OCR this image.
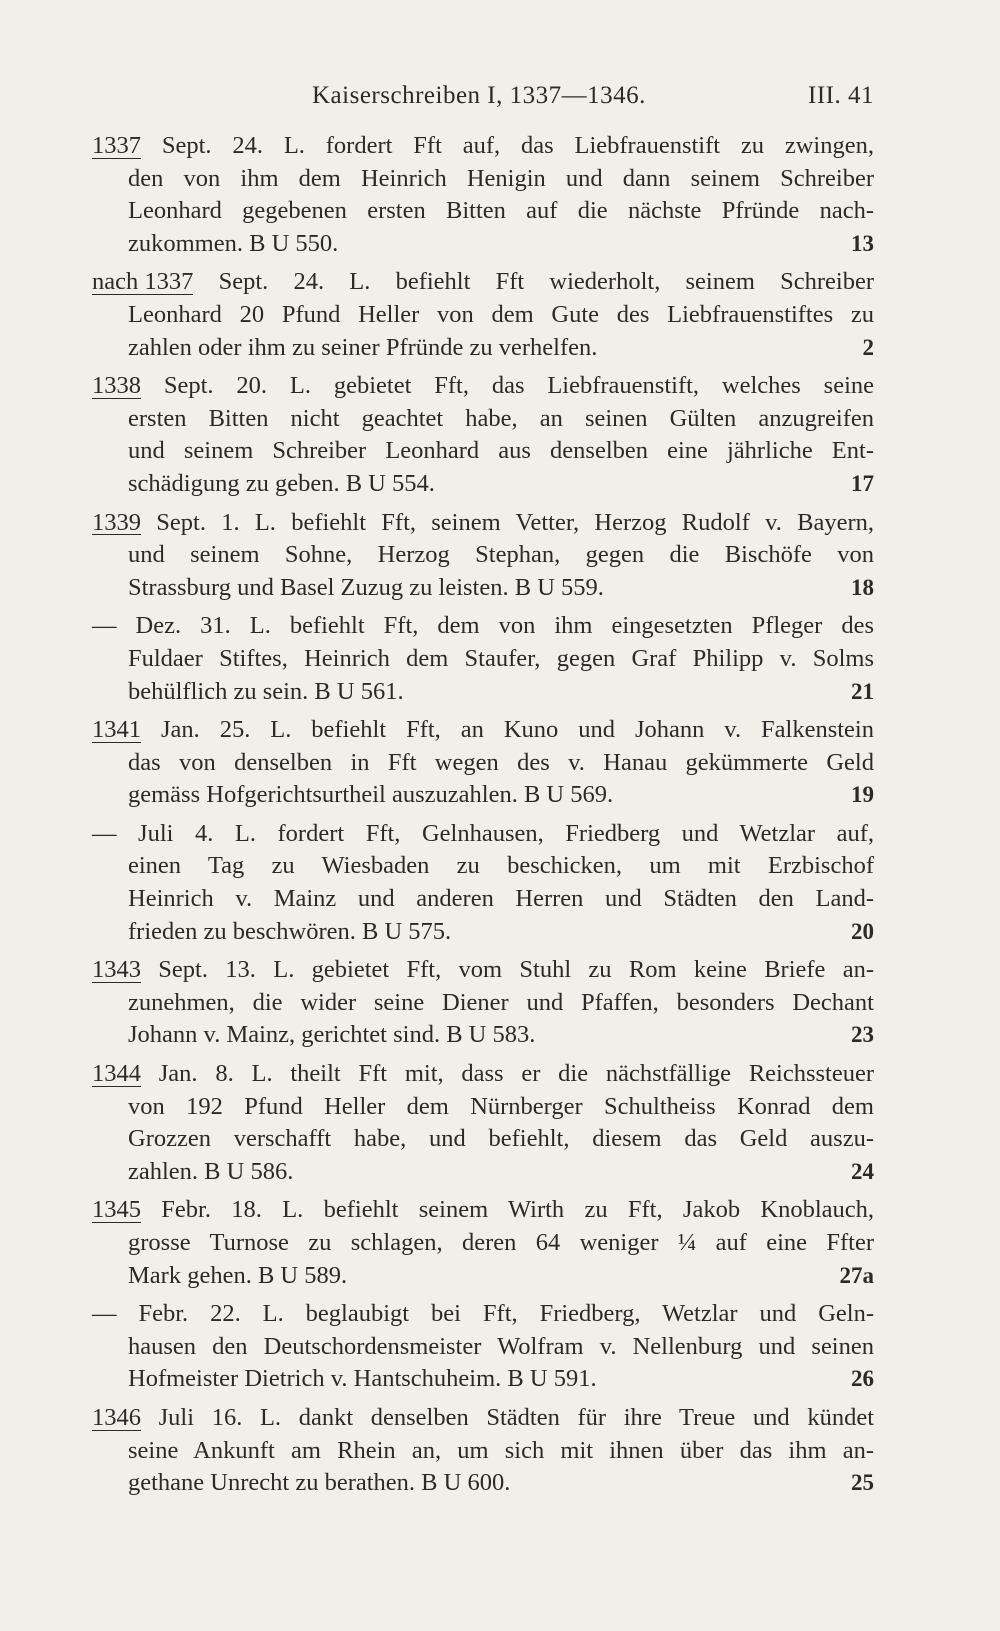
Kaiserschreiben I, 1337—1346.	III. 41
1337 Sept. 24. L. fordert Fft auf, das Liebfrauenstift zu zwingen,
den von ihm dem Heinrich Henigin und dann seinem Schreiber
Leonhard gegebenen ersten Bitten auf die nächste Pfründe nach-
zukommen. B U 550.	13
nach 1337 Sept. 24. L. befiehlt Fft wiederholt, seinem Schreiber
Leonhard 20 Pfund Heller von dem Gute des Liebfrauenstiftes zu
zahlen oder ihm zu seiner Pfründe zu verhelfen.	2
1338 Sept. 20. L. gebietet Fft, das Liebfrauenstift, welches seine
ersten Bitten nicht geachtet habe, an seinen Gülten anzugreifen
und seinem Schreiber Leonhard aus denselben eine jährliche Ent-
schädigung zu geben. B U 554.	17
1339 Sept. 1. L. befiehlt Fft, seinem Vetter, Herzog Rudolf v. Bayern,
und seinem Sohne, Herzog Stephan, gegen die Bischöfe von
Strassburg und Basel Zuzug zu leisten. B U 559.	18
— Dez. 31. L. befiehlt Fft, dem von ihm eingesetzten Pfleger des
Fuldaer Stiftes, Heinrich dem Staufer, gegen Graf Philipp v. Solms
behülflich zu sein. B U 561.	21
1341 Jan. 25. L. befiehlt Fft, an Kuno und Johann v. Falkenstein
das von denselben in Fft wegen des v. Hanau gekümmerte Geld
gemäss Hofgerichtsurtheil auszuzahlen. B U 569.	19
— Juli 4. L. fordert Fft, Gelnhausen, Friedberg und Wetzlar auf,
einen Tag zu Wiesbaden zu beschicken, um mit Erzbischof
Heinrich v. Mainz und anderen Herren und Städten den Land-
frieden zu beschwören. B U 575.	20
1343 Sept. 13. L. gebietet Fft, vom Stuhl zu Rom keine Briefe an-
zunehmen, die wider seine Diener und Pfaffen, besonders Dechant
Johann v. Mainz, gerichtet sind. B U 583.	23
1344 Jan. 8. L. theilt Fft mit, dass er die nächstfällige Reichssteuer
von 192 Pfund Heller dem Nürnberger Schultheiss Konrad dem
Grozzen verschafft habe, und befiehlt, diesem das Geld auszu-
zahlen. B U 586.	24
1345 Febr. 18. L. befiehlt seinem Wirth zu Fft, Jakob Knoblauch,
grosse Turnose zu schlagen, deren 64 weniger ¼ auf eine Ffter
Mark gehen. B U 589.	27a
— Febr. 22. L. beglaubigt bei Fft, Friedberg, Wetzlar und Geln-
hausen den Deutschordensmeister Wolfram v. Nellenburg und seinen
Hofmeister Dietrich v. Hantschuheim. B U 591.	26
1346 Juli 16. L. dankt denselben Städten für ihre Treue und kündet
seine Ankunft am Rhein an, um sich mit ihnen über das ihm an-
gethane Unrecht zu berathen. B U 600.	25
